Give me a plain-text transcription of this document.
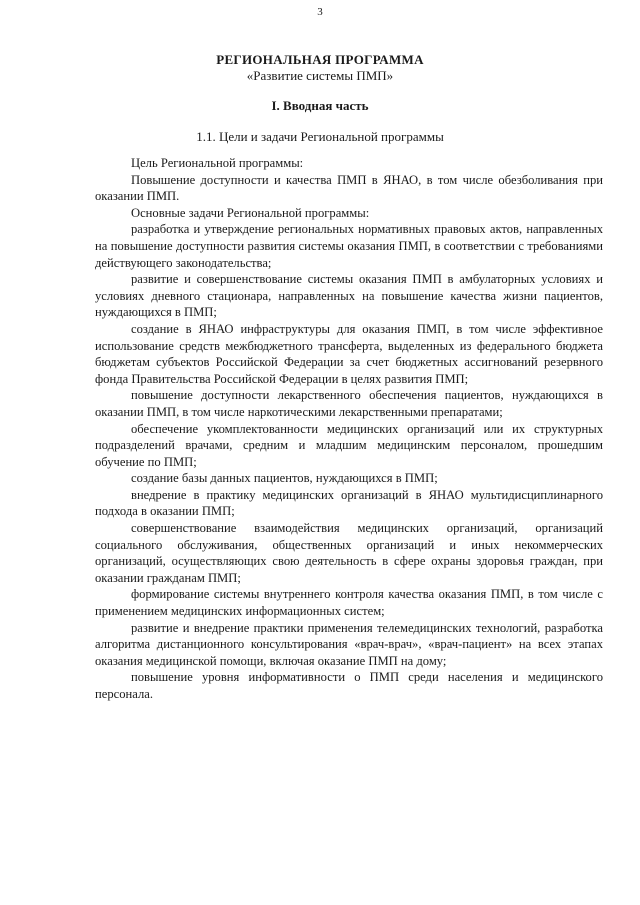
3
РЕГИОНАЛЬНАЯ ПРОГРАММА
«Развитие системы ПМП»
I. Вводная часть
1.1. Цели и задачи Региональной программы

Цель Региональной программы:

Повышение доступности и качества ПМП в ЯНАО, в том числе обезболивания при оказании ПМП.

Основные задачи Региональной программы:

разработка и утверждение региональных нормативных правовых актов, направленных на повышение доступности развития системы оказания ПМП, в соответствии с требованиями действующего законодательства;

развитие и совершенствование системы оказания ПМП в амбулаторных условиях и условиях дневного стационара, направленных на повышение качества жизни пациентов, нуждающихся в ПМП;

создание в ЯНАО инфраструктуры для оказания ПМП, в том числе эффективное использование средств межбюджетного трансферта, выделенных из федерального бюджета бюджетам субъектов Российской Федерации за счет бюджетных ассигнований резервного фонда Правительства Российской Федерации в целях развития ПМП;

повышение доступности лекарственного обеспечения пациентов, нуждающихся в оказании ПМП, в том числе наркотическими лекарственными препаратами;

обеспечение укомплектованности медицинских организаций или их структурных подразделений врачами, средним и младшим медицинским персоналом, прошедшим обучение по ПМП;

создание базы данных пациентов, нуждающихся в ПМП;

внедрение в практику медицинских организаций в ЯНАО мультидисциплинарного подхода в оказании ПМП;

совершенствование взаимодействия медицинских организаций, организаций социального обслуживания, общественных организаций и иных некоммерческих организаций, осуществляющих свою деятельность в сфере охраны здоровья граждан, при оказании гражданам ПМП;

формирование системы внутреннего контроля качества оказания ПМП, в том числе с применением медицинских информационных систем;

развитие и внедрение практики применения телемедицинских технологий, разработка алгоритма дистанционного консультирования «врач-врач», «врач-пациент» на всех этапах оказания медицинской помощи, включая оказание ПМП на дому;

повышение уровня информативности о ПМП среди населения и медицинского персонала.
